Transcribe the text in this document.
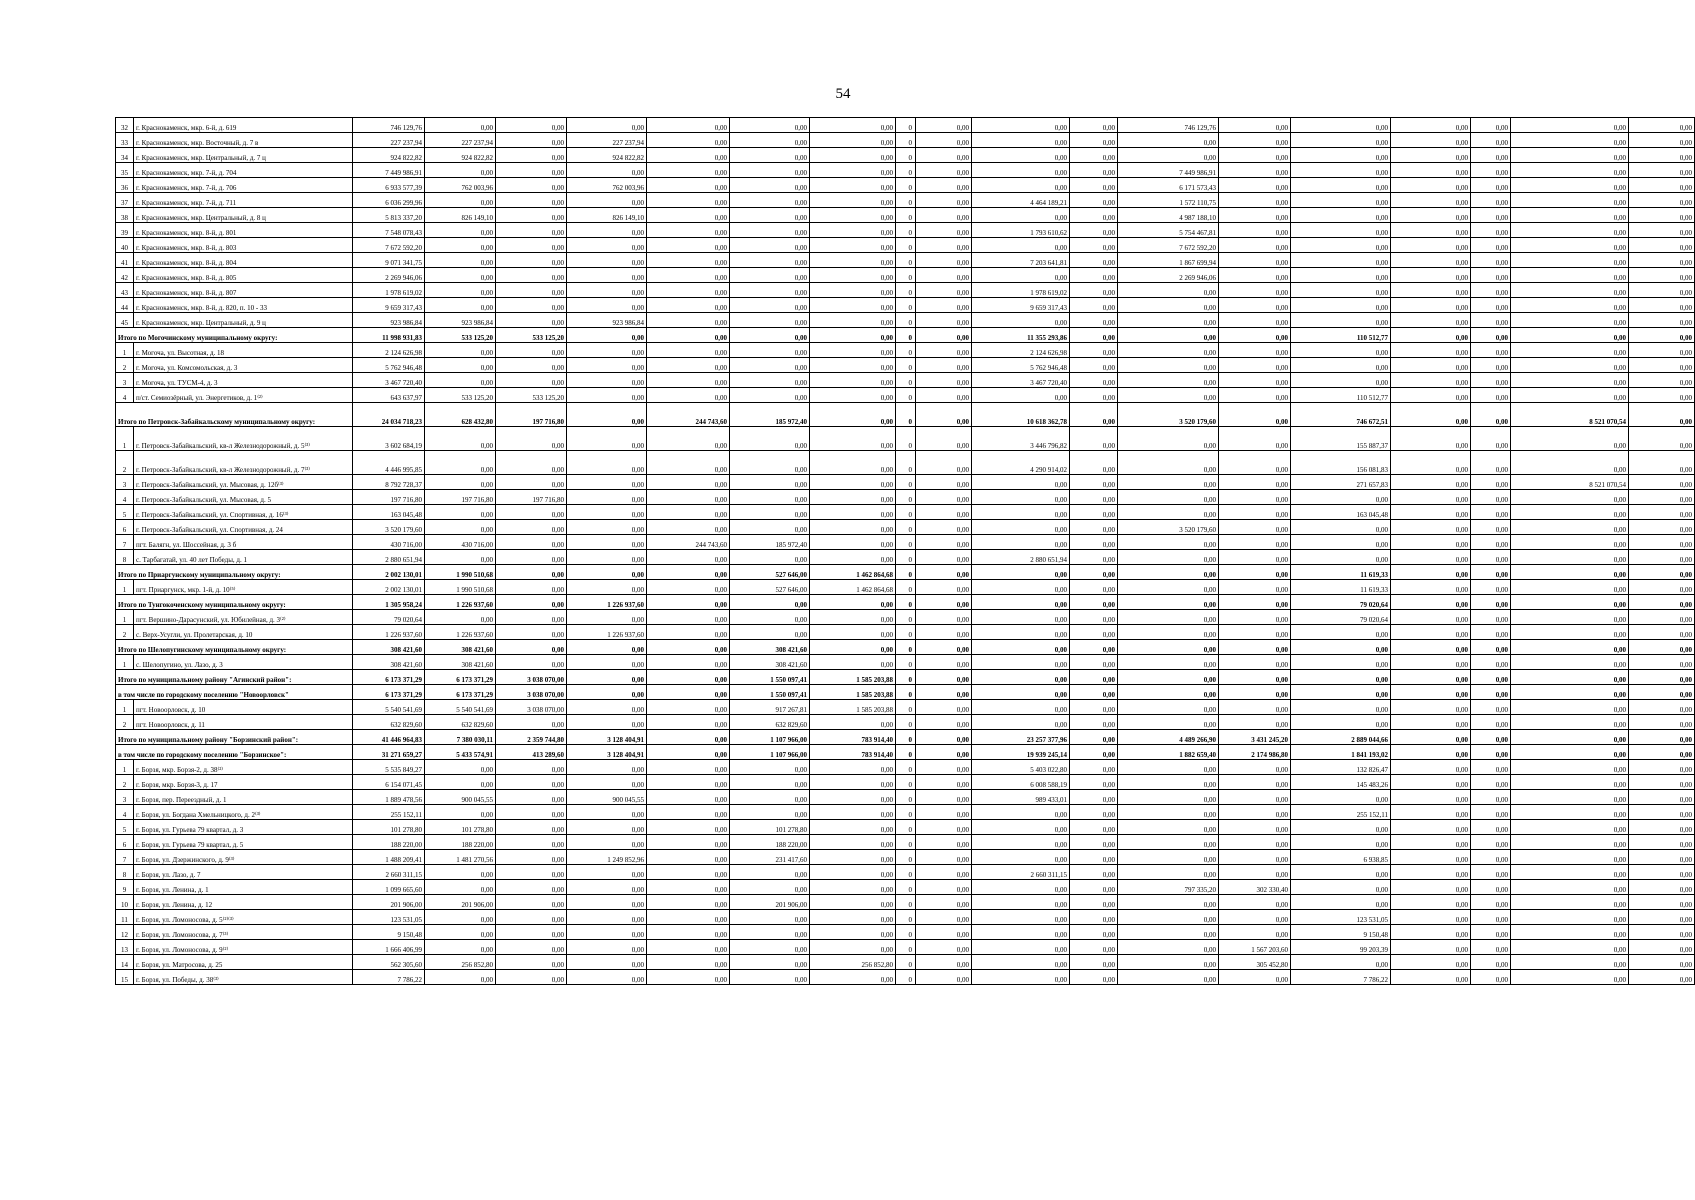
54
32	г. Краснокаменск, мкр. 6-й, д. 619	746 129,76	0,00	0,00	0,00	0,00	0,00	0,00	0	0,00	0,00	0,00	746 129,76	0,00	0,00	0,00	0,00	0,00	0,00
33	г. Краснокаменск, мкр. Восточный, д. 7 в	227 237,94	227 237,94	0,00	227 237,94	0,00	0,00	0,00	0	0,00	0,00	0,00	0,00	0,00	0,00	0,00	0,00	0,00	0,00
34	г. Краснокаменск, мкр. Центральный, д. 7 ц	924 822,82	924 822,82	0,00	924 822,82	0,00	0,00	0,00	0	0,00	0,00	0,00	0,00	0,00	0,00	0,00	0,00	0,00	0,00
35	г. Краснокаменск, мкр. 7-й, д. 704	7 449 986,91	0,00	0,00	0,00	0,00	0,00	0,00	0	0,00	0,00	0,00	7 449 986,91	0,00	0,00	0,00	0,00	0,00	0,00
36	г. Краснокаменск, мкр. 7-й, д. 706	6 933 577,39	762 003,96	0,00	762 003,96	0,00	0,00	0,00	0	0,00	0,00	0,00	6 171 573,43	0,00	0,00	0,00	0,00	0,00	0,00
37	г. Краснокаменск, мкр. 7-й, д. 711	6 036 299,96	0,00	0,00	0,00	0,00	0,00	0,00	0	0,00	4 464 189,21	0,00	1 572 110,75	0,00	0,00	0,00	0,00	0,00	0,00
38	г. Краснокаменск, мкр. Центральный, д. 8 ц	5 813 337,20	826 149,10	0,00	826 149,10	0,00	0,00	0,00	0	0,00	0,00	0,00	4 987 188,10	0,00	0,00	0,00	0,00	0,00	0,00
39	г. Краснокаменск, мкр. 8-й, д. 801	7 548 078,43	0,00	0,00	0,00	0,00	0,00	0,00	0	0,00	1 793 610,62	0,00	5 754 467,81	0,00	0,00	0,00	0,00	0,00	0,00
40	г. Краснокаменск, мкр. 8-й, д. 803	7 672 592,20	0,00	0,00	0,00	0,00	0,00	0,00	0	0,00	0,00	0,00	7 672 592,20	0,00	0,00	0,00	0,00	0,00	0,00
41	г. Краснокаменск, мкр. 8-й, д. 804	9 071 341,75	0,00	0,00	0,00	0,00	0,00	0,00	0	0,00	7 203 641,81	0,00	1 867 699,94	0,00	0,00	0,00	0,00	0,00	0,00
42	г. Краснокаменск, мкр. 8-й, д. 805	2 269 946,06	0,00	0,00	0,00	0,00	0,00	0,00	0	0,00	0,00	0,00	2 269 946,06	0,00	0,00	0,00	0,00	0,00	0,00
43	г. Краснокаменск, мкр. 8-й, д. 807	1 978 619,02	0,00	0,00	0,00	0,00	0,00	0,00	0	0,00	1 978 619,02	0,00	0,00	0,00	0,00	0,00	0,00	0,00	0,00
44	г. Краснокаменск, мкр. 8-й, д. 820, п. 10 - 33	9 659 317,43	0,00	0,00	0,00	0,00	0,00	0,00	0	0,00	9 659 317,43	0,00	0,00	0,00	0,00	0,00	0,00	0,00	0,00
45	г. Краснокаменск, мкр. Центральный, д. 9 ц	923 986,84	923 986,84	0,00	923 986,84	0,00	0,00	0,00	0	0,00	0,00	0,00	0,00	0,00	0,00	0,00	0,00	0,00	0,00
Итого по Могочинскому муниципальному округу:		11 998 931,83	533 125,20	533 125,20	0,00	0,00	0,00	0,00	0	0,00	11 355 293,86	0,00	0,00	0,00	110 512,77	0,00	0,00	0,00	0,00
1	г. Могоча, ул. Высотная, д. 18	2 124 626,98	0,00	0,00	0,00	0,00	0,00	0,00	0	0,00	2 124 626,98	0,00	0,00	0,00	0,00	0,00	0,00	0,00	0,00
2	г. Могоча, ул. Комсомольская, д. 3	5 762 946,48	0,00	0,00	0,00	0,00	0,00	0,00	0	0,00	5 762 946,48	0,00	0,00	0,00	0,00	0,00	0,00	0,00	0,00
3	г. Могоча, ул. ТУСМ-4, д. 3	3 467 720,40	0,00	0,00	0,00	0,00	0,00	0,00	0	0,00	3 467 720,40	0,00	0,00	0,00	0,00	0,00	0,00	0,00	0,00
4	п/ст. Семиозёрный, ул. Энергетиков, д. 1⁽²⁾	643 637,97	533 125,20	533 125,20	0,00	0,00	0,00	0,00	0	0,00	0,00	0,00	0,00	0,00	110 512,77	0,00	0,00	0,00	0,00
Итого по Петровск-Забайкальскому муниципальному округу:		24 034 718,23	628 432,80	197 716,80	0,00	244 743,60	185 972,40	0,00	0	0,00	10 618 362,78	0,00	3 520 179,60	0,00	746 672,51	0,00	0,00	8 521 070,54	0,00
1	г. Петровск-Забайкальский, кв-л Железнодорожный, д. 5⁽³⁾	3 602 684,19	0,00	0,00	0,00	0,00	0,00	0,00	0	0,00	3 446 796,82	0,00	0,00	0,00	155 887,37	0,00	0,00	0,00	0,00
2	г. Петровск-Забайкальский, кв-л Железнодорожный, д. 7⁽³⁾	4 446 995,85	0,00	0,00	0,00	0,00	0,00	0,00	0	0,00	4 290 914,02	0,00	0,00	0,00	156 081,83	0,00	0,00	0,00	0,00
3	г. Петровск-Забайкальский, ул. Мысовая, д. 12б⁽³⁾	8 792 728,37	0,00	0,00	0,00	0,00	0,00	0,00	0	0,00	0,00	0,00	0,00	0,00	271 657,83	0,00	0,00	8 521 070,54	0,00
4	г. Петровск-Забайкальский, ул. Мысовая, д. 5	197 716,80	197 716,80	197 716,80	0,00	0,00	0,00	0,00	0	0,00	0,00	0,00	0,00	0,00	0,00	0,00	0,00	0,00	0,00
5	г. Петровск-Забайкальский, ул. Спортивная, д. 16⁽³⁾	163 045,48	0,00	0,00	0,00	0,00	0,00	0,00	0	0,00	0,00	0,00	0,00	0,00	163 045,48	0,00	0,00	0,00	0,00
6	г. Петровск-Забайкальский, ул. Спортивная, д. 24	3 520 179,60	0,00	0,00	0,00	0,00	0,00	0,00	0	0,00	0,00	0,00	3 520 179,60	0,00	0,00	0,00	0,00	0,00	0,00
7	пгт. Балягн, ул. Шоссейная, д. 3 б	430 716,00	430 716,00	0,00	0,00	244 743,60	185 972,40	0,00	0	0,00	0,00	0,00	0,00	0,00	0,00	0,00	0,00	0,00	0,00
8	с. Тарбагатай, ул. 40 лет Победы, д. 1	2 880 651,94	0,00	0,00	0,00	0,00	0,00	0,00	0	0,00	2 880 651,94	0,00	0,00	0,00	0,00	0,00	0,00	0,00	0,00
Итого по Приаргунскому муниципальному округу:		2 002 130,01	1 990 510,68	0,00	0,00	0,00	527 646,00	1 462 864,68	0	0,00	0,00	0,00	0,00	0,00	11 619,33	0,00	0,00	0,00	0,00
1	пгт. Приаргунск, мкр. 1-й, д. 10⁽⁵⁾	2 002 130,01	1 990 510,68	0,00	0,00	0,00	527 646,00	1 462 864,68	0	0,00	0,00	0,00	0,00	0,00	11 619,33	0,00	0,00	0,00	0,00
Итого по Тунгокоченскому муниципальному округу:		1 305 958,24	1 226 937,60	0,00	1 226 937,60	0,00	0,00	0,00	0	0,00	0,00	0,00	0,00	0,00	79 020,64	0,00	0,00	0,00	0,00
1	пгт. Вершино-Дарасунский, ул. Юбилейная, д. 3⁽²⁾	79 020,64	0,00	0,00	0,00	0,00	0,00	0,00	0	0,00	0,00	0,00	0,00	0,00	79 020,64	0,00	0,00	0,00	0,00
2	с. Верх-Усугли, ул. Пролетарская, д. 10	1 226 937,60	1 226 937,60	0,00	1 226 937,60	0,00	0,00	0,00	0	0,00	0,00	0,00	0,00	0,00	0,00	0,00	0,00	0,00	0,00
Итого по Шелопугинскому муниципальному округу:		308 421,60	308 421,60	0,00	0,00	0,00	308 421,60	0,00	0	0,00	0,00	0,00	0,00	0,00	0,00	0,00	0,00	0,00	0,00
1	с. Шелопугино, ул. Лазо, д. 3	308 421,60	308 421,60	0,00	0,00	0,00	308 421,60	0,00	0	0,00	0,00	0,00	0,00	0,00	0,00	0,00	0,00	0,00	0,00
Итого по муниципальному району "Агинский район":		6 173 371,29	6 173 371,29	3 038 070,00	0,00	0,00	1 550 097,41	1 585 203,88	0	0,00	0,00	0,00	0,00	0,00	0,00	0,00	0,00	0,00	0,00
в том числе по городскому поселению "Новоорловск"		6 173 371,29	6 173 371,29	3 038 070,00	0,00	0,00	1 550 097,41	1 585 203,88	0	0,00	0,00	0,00	0,00	0,00	0,00	0,00	0,00	0,00	0,00
1	пгт. Новоорловск, д. 10	5 540 541,69	5 540 541,69	3 038 070,00	0,00	0,00	917 267,81	1 585 203,88	0	0,00	0,00	0,00	0,00	0,00	0,00	0,00	0,00	0,00	0,00
2	пгт. Новоорловск, д. 11	632 829,60	632 829,60	0,00	0,00	0,00	632 829,60	0,00	0	0,00	0,00	0,00	0,00	0,00	0,00	0,00	0,00	0,00	0,00
Итого по муниципальному району "Борзинский район":		41 446 964,83	7 380 030,11	2 359 744,80	3 128 404,91	0,00	1 107 966,00	783 914,40	0	0,00	23 257 377,96	0,00	4 489 266,90	3 431 245,20	2 889 044,66	0,00	0,00	0,00	0,00
в том числе по городскому поселению "Борзинское":		31 271 659,27	5 433 574,91	413 289,60	3 128 404,91	0,00	1 107 966,00	783 914,40	0	0,00	19 939 245,14	0,00	1 882 659,40	2 174 986,80	1 841 193,02	0,00	0,00	0,00	0,00
1	г. Борзя, мкр. Борзя-2, д. 38⁽²⁾	5 535 849,27	0,00	0,00	0,00	0,00	0,00	0,00	0	0,00	5 403 022,80	0,00	0,00	0,00	132 826,47	0,00	0,00	0,00	0,00
2	г. Борзя, мкр. Борзя-3, д. 17	6 154 071,45	0,00	0,00	0,00	0,00	0,00	0,00	0	0,00	6 008 588,19	0,00	0,00	0,00	145 483,26	0,00	0,00	0,00	0,00
3	г. Борзя, пер. Переездный, д. 1	1 889 478,56	900 045,55	0,00	900 045,55	0,00	0,00	0,00	0	0,00	989 433,01	0,00	0,00	0,00	0,00	0,00	0,00	0,00	0,00
4	г. Борзя, ул. Богдана Хмельницкого, д. 2⁽³⁾	255 152,11	0,00	0,00	0,00	0,00	0,00	0,00	0	0,00	0,00	0,00	0,00	0,00	255 152,11	0,00	0,00	0,00	0,00
5	г. Борзя, ул. Гурьева 79 квартал, д. 3	101 278,80	101 278,80	0,00	0,00	0,00	101 278,80	0,00	0	0,00	0,00	0,00	0,00	0,00	0,00	0,00	0,00	0,00	0,00
6	г. Борзя, ул. Гурьева 79 квартал, д. 5	188 220,00	188 220,00	0,00	0,00	0,00	188 220,00	0,00	0	0,00	0,00	0,00	0,00	0,00	0,00	0,00	0,00	0,00	0,00
7	г. Борзя, ул. Дзержинского, д. 9⁽³⁾	1 488 209,41	1 481 270,56	0,00	1 249 852,96	0,00	231 417,60	0,00	0	0,00	0,00	0,00	0,00	0,00	6 938,85	0,00	0,00	0,00	0,00
8	г. Борзя, ул. Лазо, д. 7	2 660 311,15	0,00	0,00	0,00	0,00	0,00	0,00	0	0,00	2 660 311,15	0,00	0,00	0,00	0,00	0,00	0,00	0,00	0,00
9	г. Борзя, ул. Ленина, д. 1	1 099 665,60	0,00	0,00	0,00	0,00	0,00	0,00	0	0,00	0,00	0,00	797 335,20	302 330,40	0,00	0,00	0,00	0,00	0,00
10	г. Борзя, ул. Ленина, д. 12	201 906,00	201 906,00	0,00	0,00	0,00	201 906,00	0,00	0	0,00	0,00	0,00	0,00	0,00	0,00	0,00	0,00	0,00	0,00
11	г. Борзя, ул. Ломоносова, д. 5⁽²⁾⁽³⁾	123 531,05	0,00	0,00	0,00	0,00	0,00	0,00	0	0,00	0,00	0,00	0,00	0,00	123 531,05	0,00	0,00	0,00	0,00
12	г. Борзя, ул. Ломоносова, д. 7⁽³⁾	9 150,48	0,00	0,00	0,00	0,00	0,00	0,00	0	0,00	0,00	0,00	0,00	0,00	9 150,48	0,00	0,00	0,00	0,00
13	г. Борзя, ул. Ломоносова, д. 9⁽²⁾	1 666 406,99	0,00	0,00	0,00	0,00	0,00	0,00	0	0,00	0,00	0,00	0,00	1 567 203,60	99 203,39	0,00	0,00	0,00	0,00
14	г. Борзя, ул. Матросова, д. 25	562 305,60	256 852,80	0,00	0,00	0,00	0,00	256 852,80	0	0,00	0,00	0,00	0,00	305 452,80	0,00	0,00	0,00	0,00	0,00
15	г. Борзя, ул. Победы, д. 38⁽³⁾	7 786,22	0,00	0,00	0,00	0,00	0,00	0,00	0	0,00	0,00	0,00	0,00	0,00	7 786,22	0,00	0,00	0,00	0,00
